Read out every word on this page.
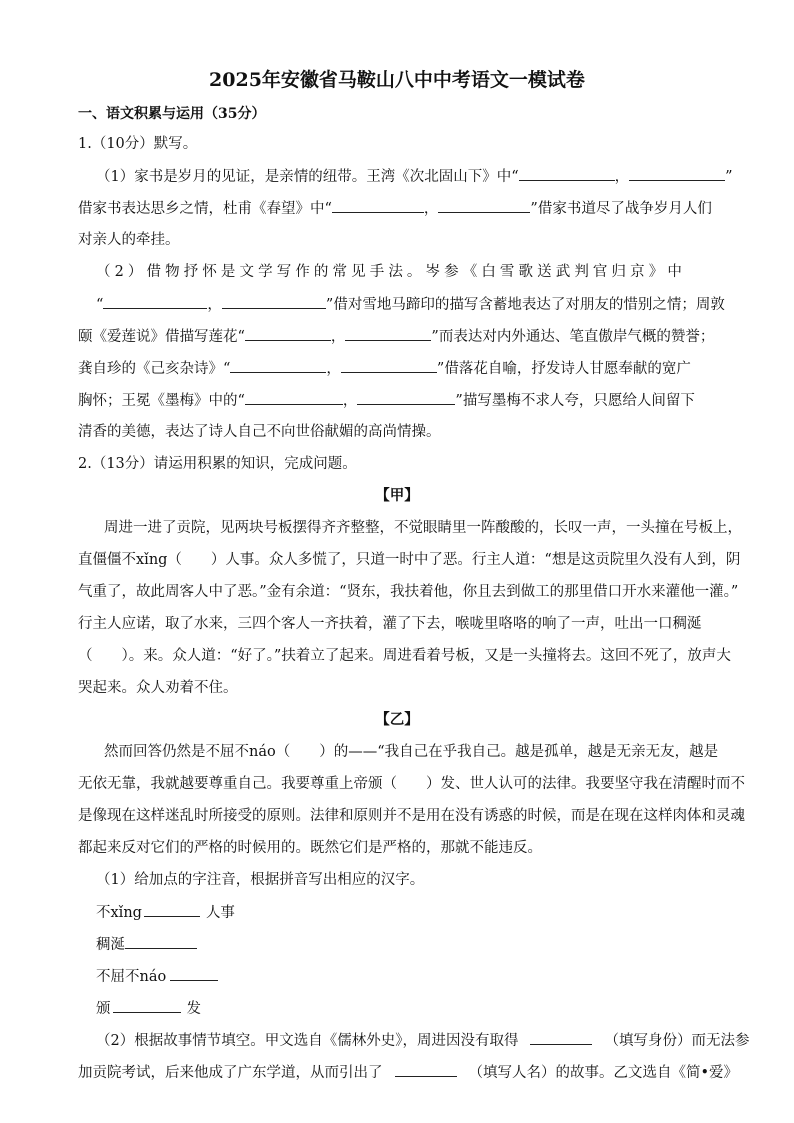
2025年安徽省马鞍山八中中考语文一模试卷
一、语文积累与运用（35分）
1.（10分）默写。
（1）家书是岁月的见证，是亲情的纽带。王湾《次北固山下》中“	，	”
借家书表达思乡之情，杜甫《春望》中“	，	”借家书道尽了战争岁月人们
对亲人的牵挂。
（2）借物抒怀是文学写作的常见手法。岑参《白雪歌送武判官归京》中
“	，	”借对雪地马蹄印的描写含蓄地表达了对朋友的惜别之情；周敦
颐《爱莲说》借描写莲花“	，	”而表达对内外通达、笔直傲岸气概的赞誉；
龚自珍的《己亥杂诗》“	，	”借落花自喻，抒发诗人甘愿奉献的宽广
胸怀；王冕《墨梅》中的“	，	”描写墨梅不求人夸，只愿给人间留下
清香的美德，表达了诗人自己不向世俗献媚的高尚情操。
2.（13分）请运用积累的知识，完成问题。
【甲】
周进一进了贡院，见两块号板摆得齐齐整整，不觉眼睛里一阵酸酸的，长叹一声，一头撞在号板上，
直僵僵不xǐng（　　）人事。众人多慌了，只道一时中了恶。行主人道：“想是这贡院里久没有人到，阴
气重了，故此周客人中了恶。”金有余道：“贤东，我扶着他，你且去到做工的那里借口开水来灌他一灌。”
行主人应诺，取了水来，三四个客人一齐扶着，灌了下去，喉咙里咯咯的响了一声，吐出一口稠涎
（　　）。来。众人道：“好了。”扶着立了起来。周进看着号板，又是一头撞将去。这回不死了，放声大
哭起来。众人劝着不住。
【乙】
然而回答仍然是不屈不náo（　　）的——“我自己在乎我自己。越是孤单，越是无亲无友，越是
无依无靠，我就越要尊重自己。我要尊重上帝颁（　　）发、世人认可的法律。我要坚守我在清醒时而不
是像现在这样迷乱时所接受的原则。法律和原则并不是用在没有诱惑的时候，而是在现在这样肉体和灵魂
都起来反对它们的严格的时候用的。既然它们是严格的，那就不能违反。
（1）给加点的字注音，根据拼音写出相应的汉字。
不xǐng	人事
稠涎
不屈不náo
颁	发
（2）根据故事情节填空。甲文选自《儒林外史》，周进因没有取得	（填写身份）而无法参
加贡院考试，后来他成了广东学道，从而引出了	（填写人名）的故事。乙文选自《简•爱》
